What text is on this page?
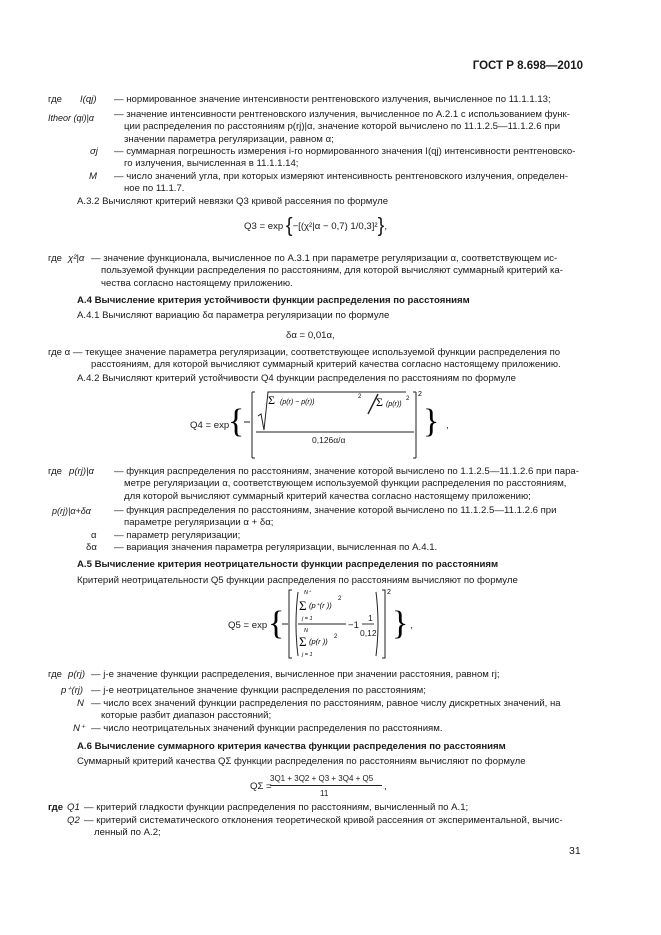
ГОСТ Р 8.698—2010
где I(qj) — нормированное значение интенсивности рентгеновского излучения, вычисленное по 11.1.1.13;
Itheor (qi)|α — значение интенсивности рентгеновского излучения, вычисленное по А.2.1 с использованием функ-
ции распределения по расстояниям p(rj)|α, значение которой вычислено по 11.1.2.5—11.1.2.6 при
значении параметра регуляризации, равном α;
σj — суммарная погрешность измерения i-го нормированного значения I(qj) интенсивности рентгеновско-
го излучения, вычисленная в 11.1.1.14;
M — число значений угла, при которых измеряют интенсивность рентгеновского излучения, определен-
ное по 11.1.7.
А.3.2 Вычисляют критерий невязки Q3 кривой рассеяния по формуле
Q3 = exp {−[(χ²|α − 0,7) 1/0,3]²},
где χ²|α — значение функционала, вычисленное по А.3.1 при параметре регуляризации α, соответствующем ис-
пользуемой функции распределения по расстояниям, для которой вычисляют суммарный критерий ка-
чества согласно настоящему приложению.
А.4 Вычисление критерия устойчивости функции распределения по расстояниям
А.4.1 Вычисляют вариацию δα параметра регуляризации по формуле
δα = 0,01α,
где α — текущее значение параметра регуляризации, соответствующее используемой функции распределения по
расстояниям, для которой вычисляют суммарный критерий качества согласно настоящему приложению.
А.4.2 Вычисляют критерий устойчивости Q4 функции распределения по расстояниям по формуле
Q4 = exp
{
Σ (p(r) − p(r))
2 Σ (p(r))
2
2
}
0,126α/α
,
где p(rj)|α — функция распределения по расстояниям, значение которой вычислено по 1.1.2.5—11.1.2.6 при пара-
метре регуляризации α, соответствующем используемой функции распределения по расстояниям,
для которой вычисляют суммарный критерий качества согласно настоящему приложению;
p(rj)|α+δα — функция распределения по расстояниям, значение которой вычислено по 11.1.2.5—11.1.2.6 при
параметре регуляризации α + δα;
α — параметр регуляризации;
δα — вариация значения параметра регуляризации, вычисленная по А.4.1.
А.5 Вычисление критерия неотрицательности функции распределения по расстояниям
Критерий неотрицательности Q5 функции распределения по расстояниям вычисляют по формуле
Q5 = exp { Σ (p⁺(r ))
2
N⁺
j = 1
N
Σ (p(r )) 2
j = 1
2
}
−1
1
0,12
,
где p(rj) — j-е значение функции распределения, вычисленное при значении расстояния, равном rj;
p⁺(rj) — j-е неотрицательное значение функции распределения по расстояниям;
N — число всех значений функции распределения по расстояниям, равное числу дискретных значений, на
которые разбит диапазон расстояний;
N⁺ — число неотрицательных значений функции распределения по расстояниям.
А.6 Вычисление суммарного критерия качества функции распределения по расстояниям
Суммарный критерий качества QΣ функции распределения по расстояниям вычисляют по формуле
QΣ =
3Q1 + 3Q2 + Q3 + 3Q4 + Q5
11
,
где Q1 — критерий гладкости функции распределения по расстояниям, вычисленный по А.1;
Q2 — критерий систематического отклонения теоретической кривой рассеяния от экспериментальной, вычис-
ленный по А.2;
31
